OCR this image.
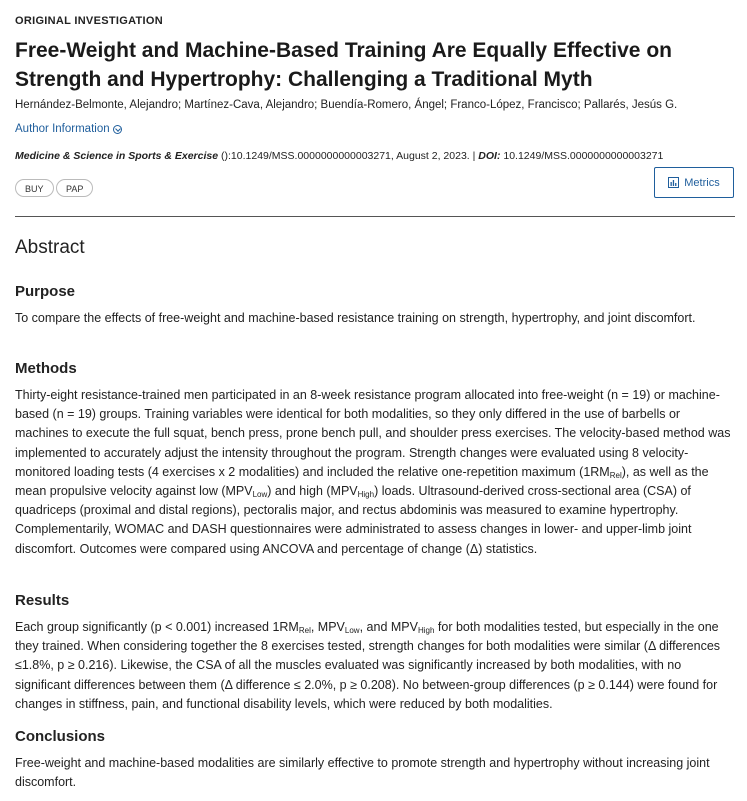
ORIGINAL INVESTIGATION
Free-Weight and Machine-Based Training Are Equally Effective on Strength and Hypertrophy: Challenging a Traditional Myth
Hernández-Belmonte, Alejandro; Martínez-Cava, Alejandro; Buendía-Romero, Ángel; Franco-López, Francisco; Pallarés, Jesús G.
Author Information
Medicine & Science in Sports & Exercise ():10.1249/MSS.0000000000003271, August 2, 2023. | DOI: 10.1249/MSS.0000000000003271
BUY	PAP
Metrics
Abstract
Purpose

To compare the effects of free-weight and machine-based resistance training on strength, hypertrophy, and joint discomfort.

Methods

Thirty-eight resistance-trained men participated in an 8-week resistance program allocated into free-weight (n = 19) or machine-based (n = 19) groups. Training variables were identical for both modalities, so they only differed in the use of barbells or machines to execute the full squat, bench press, prone bench pull, and shoulder press exercises. The velocity-based method was implemented to accurately adjust the intensity throughout the program. Strength changes were evaluated using 8 velocity-monitored loading tests (4 exercises x 2 modalities) and included the relative one-repetition maximum $(1RM_{Rel})$, as well as the mean propulsive velocity against low $(MPV_{Low})$ and high $(MPV_{High})$ loads. Ultrasound-derived cross-sectional area (CSA) of quadriceps (proximal and distal regions), pectoralis major, and rectus abdominis was measured to examine hypertrophy. Complementarily, WOMAC and DASH questionnaires were administrated to assess changes in lower- and upper-limb joint discomfort. Outcomes were compared using ANCOVA and percentage of change (Δ) statistics.

Results

Each group significantly (p < 0.001) increased $1RM_{Rel}$, $MPV_{Low}$, and $MPV_{High}$ for both modalities tested, but especially in the one they trained. When considering together the 8 exercises tested, strength changes for both modalities were similar (Δ differences ≤1.8%, p ≥ 0.216). Likewise, the CSA of all the muscles evaluated was significantly increased by both modalities, with no significant differences between them (Δ difference ≤ 2.0%, p ≥ 0.208). No between-group differences (p ≥ 0.144) were found for changes in stiffness, pain, and functional disability levels, which were reduced by both modalities.

Conclusions

Free-weight and machine-based modalities are similarly effective to promote strength and hypertrophy without increasing joint discomfort.
